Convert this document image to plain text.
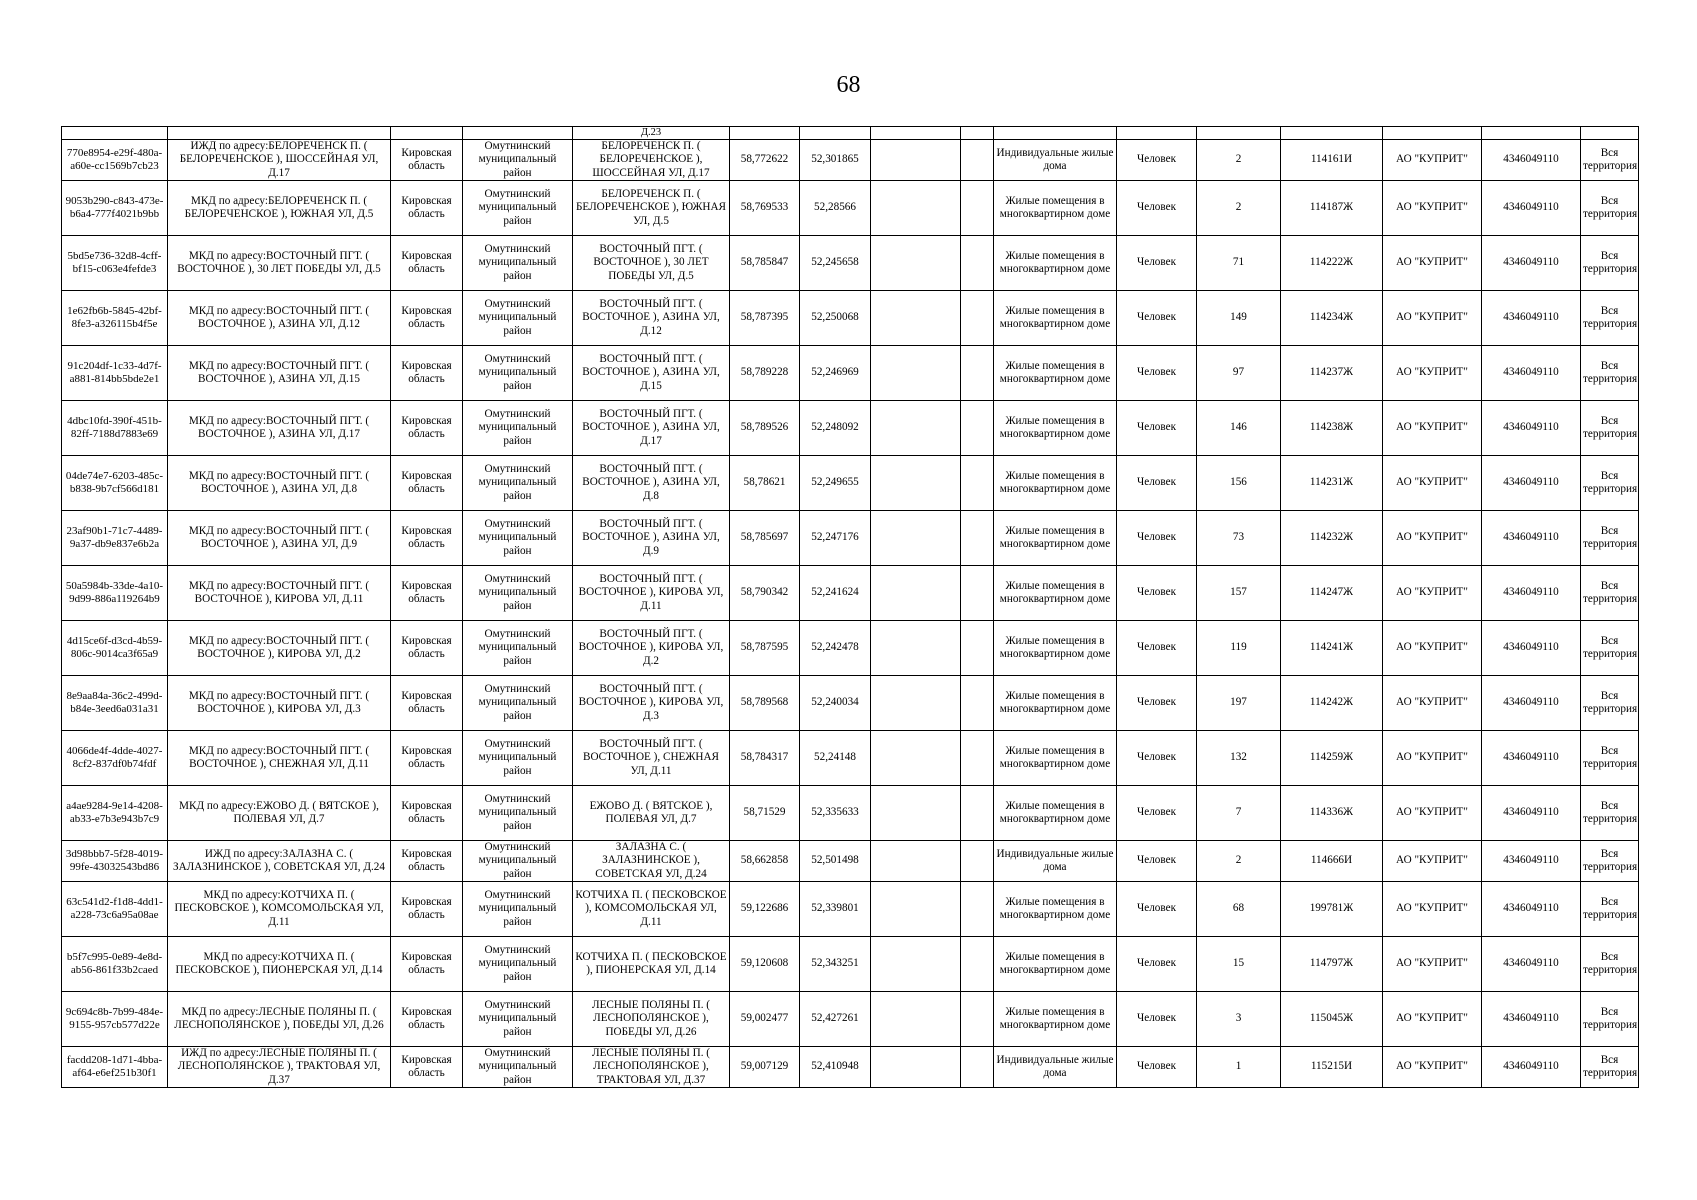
68
				Д.23											
770e8954-e29f-480a-a60e-cc1569b7cb23	ИЖД по адресу:БЕЛОРЕЧЕНСК П. ( БЕЛОРЕЧЕНСКОЕ ), ШОССЕЙНАЯ УЛ, Д.17	Кировская область	Омутнинский муниципальный район	БЕЛОРЕЧЕНСК П. ( БЕЛОРЕЧЕНСКОЕ ), ШОССЕЙНАЯ УЛ, Д.17	58,772622	52,301865			Индивидуальные жилые дома	Человек	2	114161И	АО "КУПРИТ"	4346049110	Вся территория
9053b290-c843-473e-b6a4-777f4021b9bb	МКД по адресу:БЕЛОРЕЧЕНСК П. ( БЕЛОРЕЧЕНСКОЕ ), ЮЖНАЯ УЛ, Д.5	Кировская область	Омутнинский муниципальный район	БЕЛОРЕЧЕНСК П. ( БЕЛОРЕЧЕНСКОЕ ), ЮЖНАЯ УЛ, Д.5	58,769533	52,28566			Жилые помещения в многоквартирном доме	Человек	2	114187Ж	АО "КУПРИТ"	4346049110	Вся территория
5bd5e736-32d8-4cff-bf15-c063e4fefde3	МКД по адресу:ВОСТОЧНЫЙ ПГТ. ( ВОСТОЧНОЕ ), 30 ЛЕТ ПОБЕДЫ УЛ, Д.5	Кировская область	Омутнинский муниципальный район	ВОСТОЧНЫЙ ПГТ. ( ВОСТОЧНОЕ ), 30 ЛЕТ ПОБЕДЫ УЛ, Д.5	58,785847	52,245658			Жилые помещения в многоквартирном доме	Человек	71	114222Ж	АО "КУПРИТ"	4346049110	Вся территория
1e62fb6b-5845-42bf-8fe3-a326115b4f5e	МКД по адресу:ВОСТОЧНЫЙ ПГТ. ( ВОСТОЧНОЕ ), АЗИНА УЛ, Д.12	Кировская область	Омутнинский муниципальный район	ВОСТОЧНЫЙ ПГТ. ( ВОСТОЧНОЕ ), АЗИНА УЛ, Д.12	58,787395	52,250068			Жилые помещения в многоквартирном доме	Человек	149	114234Ж	АО "КУПРИТ"	4346049110	Вся территория
91c204df-1c33-4d7f-a881-814bb5bde2e1	МКД по адресу:ВОСТОЧНЫЙ ПГТ. ( ВОСТОЧНОЕ ), АЗИНА УЛ, Д.15	Кировская область	Омутнинский муниципальный район	ВОСТОЧНЫЙ ПГТ. ( ВОСТОЧНОЕ ), АЗИНА УЛ, Д.15	58,789228	52,246969			Жилые помещения в многоквартирном доме	Человек	97	114237Ж	АО "КУПРИТ"	4346049110	Вся территория
4dbc10fd-390f-451b-82ff-7188d7883e69	МКД по адресу:ВОСТОЧНЫЙ ПГТ. ( ВОСТОЧНОЕ ), АЗИНА УЛ, Д.17	Кировская область	Омутнинский муниципальный район	ВОСТОЧНЫЙ ПГТ. ( ВОСТОЧНОЕ ), АЗИНА УЛ, Д.17	58,789526	52,248092			Жилые помещения в многоквартирном доме	Человек	146	114238Ж	АО "КУПРИТ"	4346049110	Вся территория
04de74e7-6203-485c-b838-9b7cf566d181	МКД по адресу:ВОСТОЧНЫЙ ПГТ. ( ВОСТОЧНОЕ ), АЗИНА УЛ, Д.8	Кировская область	Омутнинский муниципальный район	ВОСТОЧНЫЙ ПГТ. ( ВОСТОЧНОЕ ), АЗИНА УЛ, Д.8	58,78621	52,249655			Жилые помещения в многоквартирном доме	Человек	156	114231Ж	АО "КУПРИТ"	4346049110	Вся территория
23af90b1-71c7-4489-9a37-db9e837e6b2a	МКД по адресу:ВОСТОЧНЫЙ ПГТ. ( ВОСТОЧНОЕ ), АЗИНА УЛ, Д.9	Кировская область	Омутнинский муниципальный район	ВОСТОЧНЫЙ ПГТ. ( ВОСТОЧНОЕ ), АЗИНА УЛ, Д.9	58,785697	52,247176			Жилые помещения в многоквартирном доме	Человек	73	114232Ж	АО "КУПРИТ"	4346049110	Вся территория
50a5984b-33de-4a10-9d99-886a119264b9	МКД по адресу:ВОСТОЧНЫЙ ПГТ. ( ВОСТОЧНОЕ ), КИРОВА УЛ, Д.11	Кировская область	Омутнинский муниципальный район	ВОСТОЧНЫЙ ПГТ. ( ВОСТОЧНОЕ ), КИРОВА УЛ, Д.11	58,790342	52,241624			Жилые помещения в многоквартирном доме	Человек	157	114247Ж	АО "КУПРИТ"	4346049110	Вся территория
4d15ce6f-d3cd-4b59-806c-9014ca3f65a9	МКД по адресу:ВОСТОЧНЫЙ ПГТ. ( ВОСТОЧНОЕ ), КИРОВА УЛ, Д.2	Кировская область	Омутнинский муниципальный район	ВОСТОЧНЫЙ ПГТ. ( ВОСТОЧНОЕ ), КИРОВА УЛ, Д.2	58,787595	52,242478			Жилые помещения в многоквартирном доме	Человек	119	114241Ж	АО "КУПРИТ"	4346049110	Вся территория
8e9aa84a-36c2-499d-b84e-3eed6a031a31	МКД по адресу:ВОСТОЧНЫЙ ПГТ. ( ВОСТОЧНОЕ ), КИРОВА УЛ, Д.3	Кировская область	Омутнинский муниципальный район	ВОСТОЧНЫЙ ПГТ. ( ВОСТОЧНОЕ ), КИРОВА УЛ, Д.3	58,789568	52,240034			Жилые помещения в многоквартирном доме	Человек	197	114242Ж	АО "КУПРИТ"	4346049110	Вся территория
4066de4f-4dde-4027-8cf2-837df0b74fdf	МКД по адресу:ВОСТОЧНЫЙ ПГТ. ( ВОСТОЧНОЕ ), СНЕЖНАЯ УЛ, Д.11	Кировская область	Омутнинский муниципальный район	ВОСТОЧНЫЙ ПГТ. ( ВОСТОЧНОЕ ), СНЕЖНАЯ УЛ, Д.11	58,784317	52,24148			Жилые помещения в многоквартирном доме	Человек	132	114259Ж	АО "КУПРИТ"	4346049110	Вся территория
a4ae9284-9e14-4208-ab33-e7b3e943b7c9	МКД по адресу:ЕЖОВО Д. ( ВЯТСКОЕ ), ПОЛЕВАЯ УЛ, Д.7	Кировская область	Омутнинский муниципальный район	ЕЖОВО Д. ( ВЯТСКОЕ ), ПОЛЕВАЯ УЛ, Д.7	58,71529	52,335633			Жилые помещения в многоквартирном доме	Человек	7	114336Ж	АО "КУПРИТ"	4346049110	Вся территория
3d98bbb7-5f28-4019-99fe-43032543bd86	ИЖД по адресу:ЗАЛАЗНА С. ( ЗАЛАЗНИНСКОЕ ), СОВЕТСКАЯ УЛ, Д.24	Кировская область	Омутнинский муниципальный район	ЗАЛАЗНА С. ( ЗАЛАЗНИНСКОЕ ), СОВЕТСКАЯ УЛ, Д.24	58,662858	52,501498			Индивидуальные жилые дома	Человек	2	114666И	АО "КУПРИТ"	4346049110	Вся территория
63c541d2-f1d8-4dd1-a228-73c6a95a08ae	МКД по адресу:КОТЧИХА П. ( ПЕСКОВСКОЕ ), КОМСОМОЛЬСКАЯ УЛ, Д.11	Кировская область	Омутнинский муниципальный район	КОТЧИХА П. ( ПЕСКОВСКОЕ ), КОМСОМОЛЬСКАЯ УЛ, Д.11	59,122686	52,339801			Жилые помещения в многоквартирном доме	Человек	68	199781Ж	АО "КУПРИТ"	4346049110	Вся территория
b5f7c995-0e89-4e8d-ab56-861f33b2caed	МКД по адресу:КОТЧИХА П. ( ПЕСКОВСКОЕ ), ПИОНЕРСКАЯ УЛ, Д.14	Кировская область	Омутнинский муниципальный район	КОТЧИХА П. ( ПЕСКОВСКОЕ ), ПИОНЕРСКАЯ УЛ, Д.14	59,120608	52,343251			Жилые помещения в многоквартирном доме	Человек	15	114797Ж	АО "КУПРИТ"	4346049110	Вся территория
9c694c8b-7b99-484e-9155-957cb577d22e	МКД по адресу:ЛЕСНЫЕ ПОЛЯНЫ П. ( ЛЕСНОПОЛЯНСКОЕ ), ПОБЕДЫ УЛ, Д.26	Кировская область	Омутнинский муниципальный район	ЛЕСНЫЕ ПОЛЯНЫ П. ( ЛЕСНОПОЛЯНСКОЕ ), ПОБЕДЫ УЛ, Д.26	59,002477	52,427261			Жилые помещения в многоквартирном доме	Человек	3	115045Ж	АО "КУПРИТ"	4346049110	Вся территория
facdd208-1d71-4bba-af64-e6ef251b30f1	ИЖД по адресу:ЛЕСНЫЕ ПОЛЯНЫ П. ( ЛЕСНОПОЛЯНСКОЕ ), ТРАКТОВАЯ УЛ, Д.37	Кировская область	Омутнинский муниципальный район	ЛЕСНЫЕ ПОЛЯНЫ П. ( ЛЕСНОПОЛЯНСКОЕ ), ТРАКТОВАЯ УЛ, Д.37	59,007129	52,410948			Индивидуальные жилые дома	Человек	1	115215И	АО "КУПРИТ"	4346049110	Вся территория
